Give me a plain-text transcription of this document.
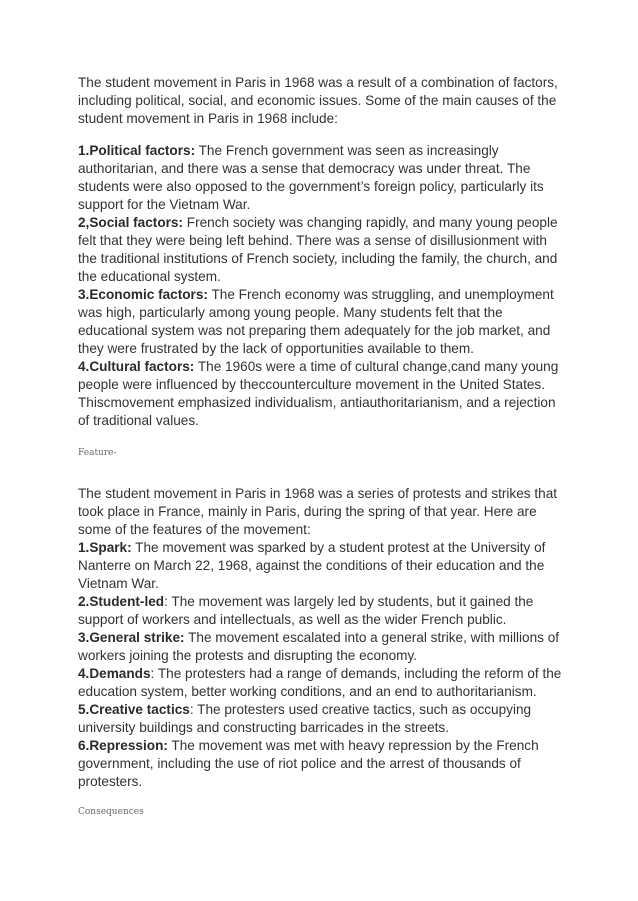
The student movement in Paris in 1968 was a result of a combination of factors, including political, social, and economic issues. Some of the main causes of the student movement in Paris in 1968 include:

1.Political factors: The French government was seen as increasingly authoritarian, and there was a sense that democracy was under threat. The students were also opposed to the government’s foreign policy, particularly its support for the Vietnam War.

2,Social factors: French society was changing rapidly, and many young people felt that they were being left behind. There was a sense of disillusionment with the traditional institutions of French society, including the family, the church, and the educational system.

3.Economic factors: The French economy was struggling, and unemployment was high, particularly among young people. Many students felt that the educational system was not preparing them adequately for the job market, and they were frustrated by the lack of opportunities available to them.

4.Cultural factors: The 1960s were a time of cultural change,cand many young people were influenced by theccounterculture movement in the United States. Thiscmovement emphasized individualism, antiauthoritarianism, and a rejection of traditional values.

Feature-

The student movement in Paris in 1968 was a series of protests and strikes that took place in France, mainly in Paris, during the spring of that year. Here are some of the features of the movement:

1.Spark: The movement was sparked by a student protest at the University of Nanterre on March 22, 1968, against the conditions of their education and the Vietnam War.

2.Student-led: The movement was largely led by students, but it gained the support of workers and intellectuals, as well as the wider French public.

3.General strike: The movement escalated into a general strike, with millions of workers joining the protests and disrupting the economy.

4.Demands: The protesters had a range of demands, including the reform of the education system, better working conditions, and an end to authoritarianism.

5.Creative tactics: The protesters used creative tactics, such as occupying university buildings and constructing barricades in the streets.

6.Repression: The movement was met with heavy repression by the French government, including the use of riot police and the arrest of thousands of protesters.

Consequences
